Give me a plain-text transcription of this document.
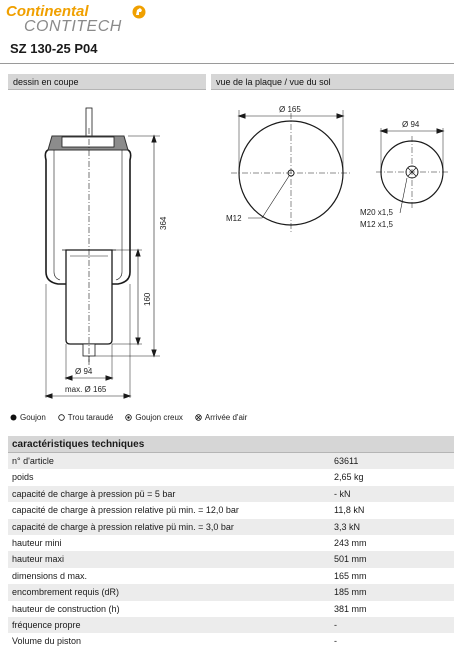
Continental
CONTITECH
SZ 130-25 P04
dessin en coupe	vue de la plaque / vue du sol
364
160
Ø 94
max. Ø 165
Ø 165
M12
Ø 94
M20 x1,5
M12 x1,5
Goujon	Trou taraudé	Goujon creux	Arrivée d'air
caractéristiques techniques
n° d'article	63611
poids	2,65 kg
capacité de charge à pression pü = 5 bar	- kN
capacité de charge à pression relative pü min. = 12,0 bar	11,8 kN
capacité de charge à pression relative pü min. = 3,0 bar	3,3 kN
hauteur mini	243 mm
hauteur maxi	501 mm
dimensions d max.	165 mm
encombrement requis (dR)	185 mm
hauteur de construction (h)	381 mm
fréquence propre	-
Volume du piston	-
